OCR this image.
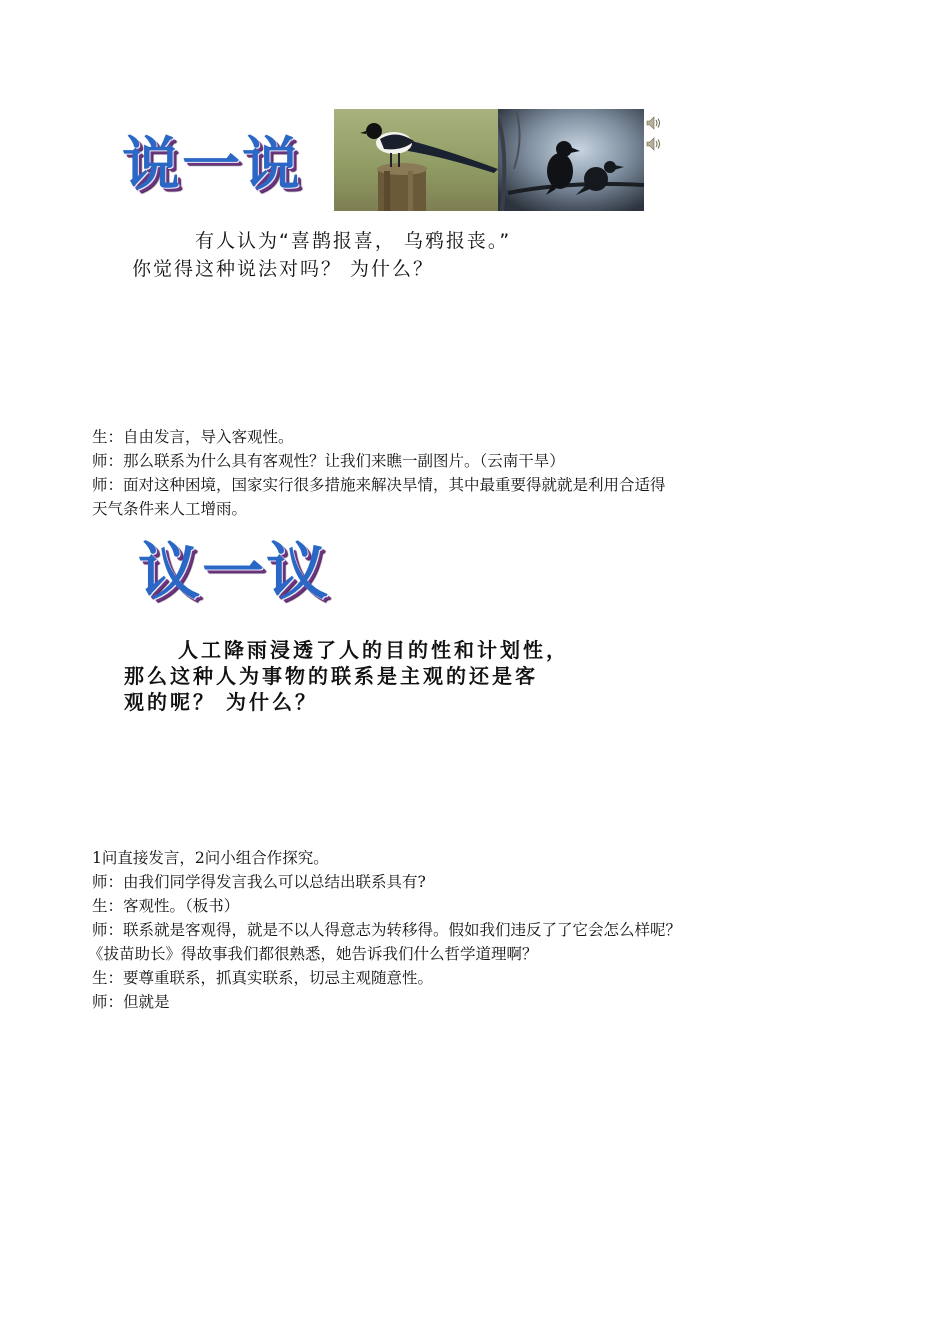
说一说
有人认为“喜鹊报喜， 乌鸦报丧。”
你觉得这种说法对吗？ 为什么？
生：自由发言，导入客观性。
师：那么联系为什么具有客观性？让我们来瞧一副图片。（云南干旱）
师：面对这种困境，国家实行很多措施来解决旱情，其中最重要得就就是利用合适得
天气条件来人工增雨。
议一议
人工降雨浸透了人的目的性和计划性，
那么这种人为事物的联系是主观的还是客
观的呢？ 为什么？
1问直接发言，2问小组合作探究。
师：由我们同学得发言我么可以总结出联系具有?
生：客观性。（板书）
师：联系就是客观得，就是不以人得意志为转移得。假如我们违反了了它会怎么样呢？
《拔苗助长》得故事我们都很熟悉，她告诉我们什么哲学道理啊？
生：要尊重联系，抓真实联系，切忌主观随意性。
师：但就是
